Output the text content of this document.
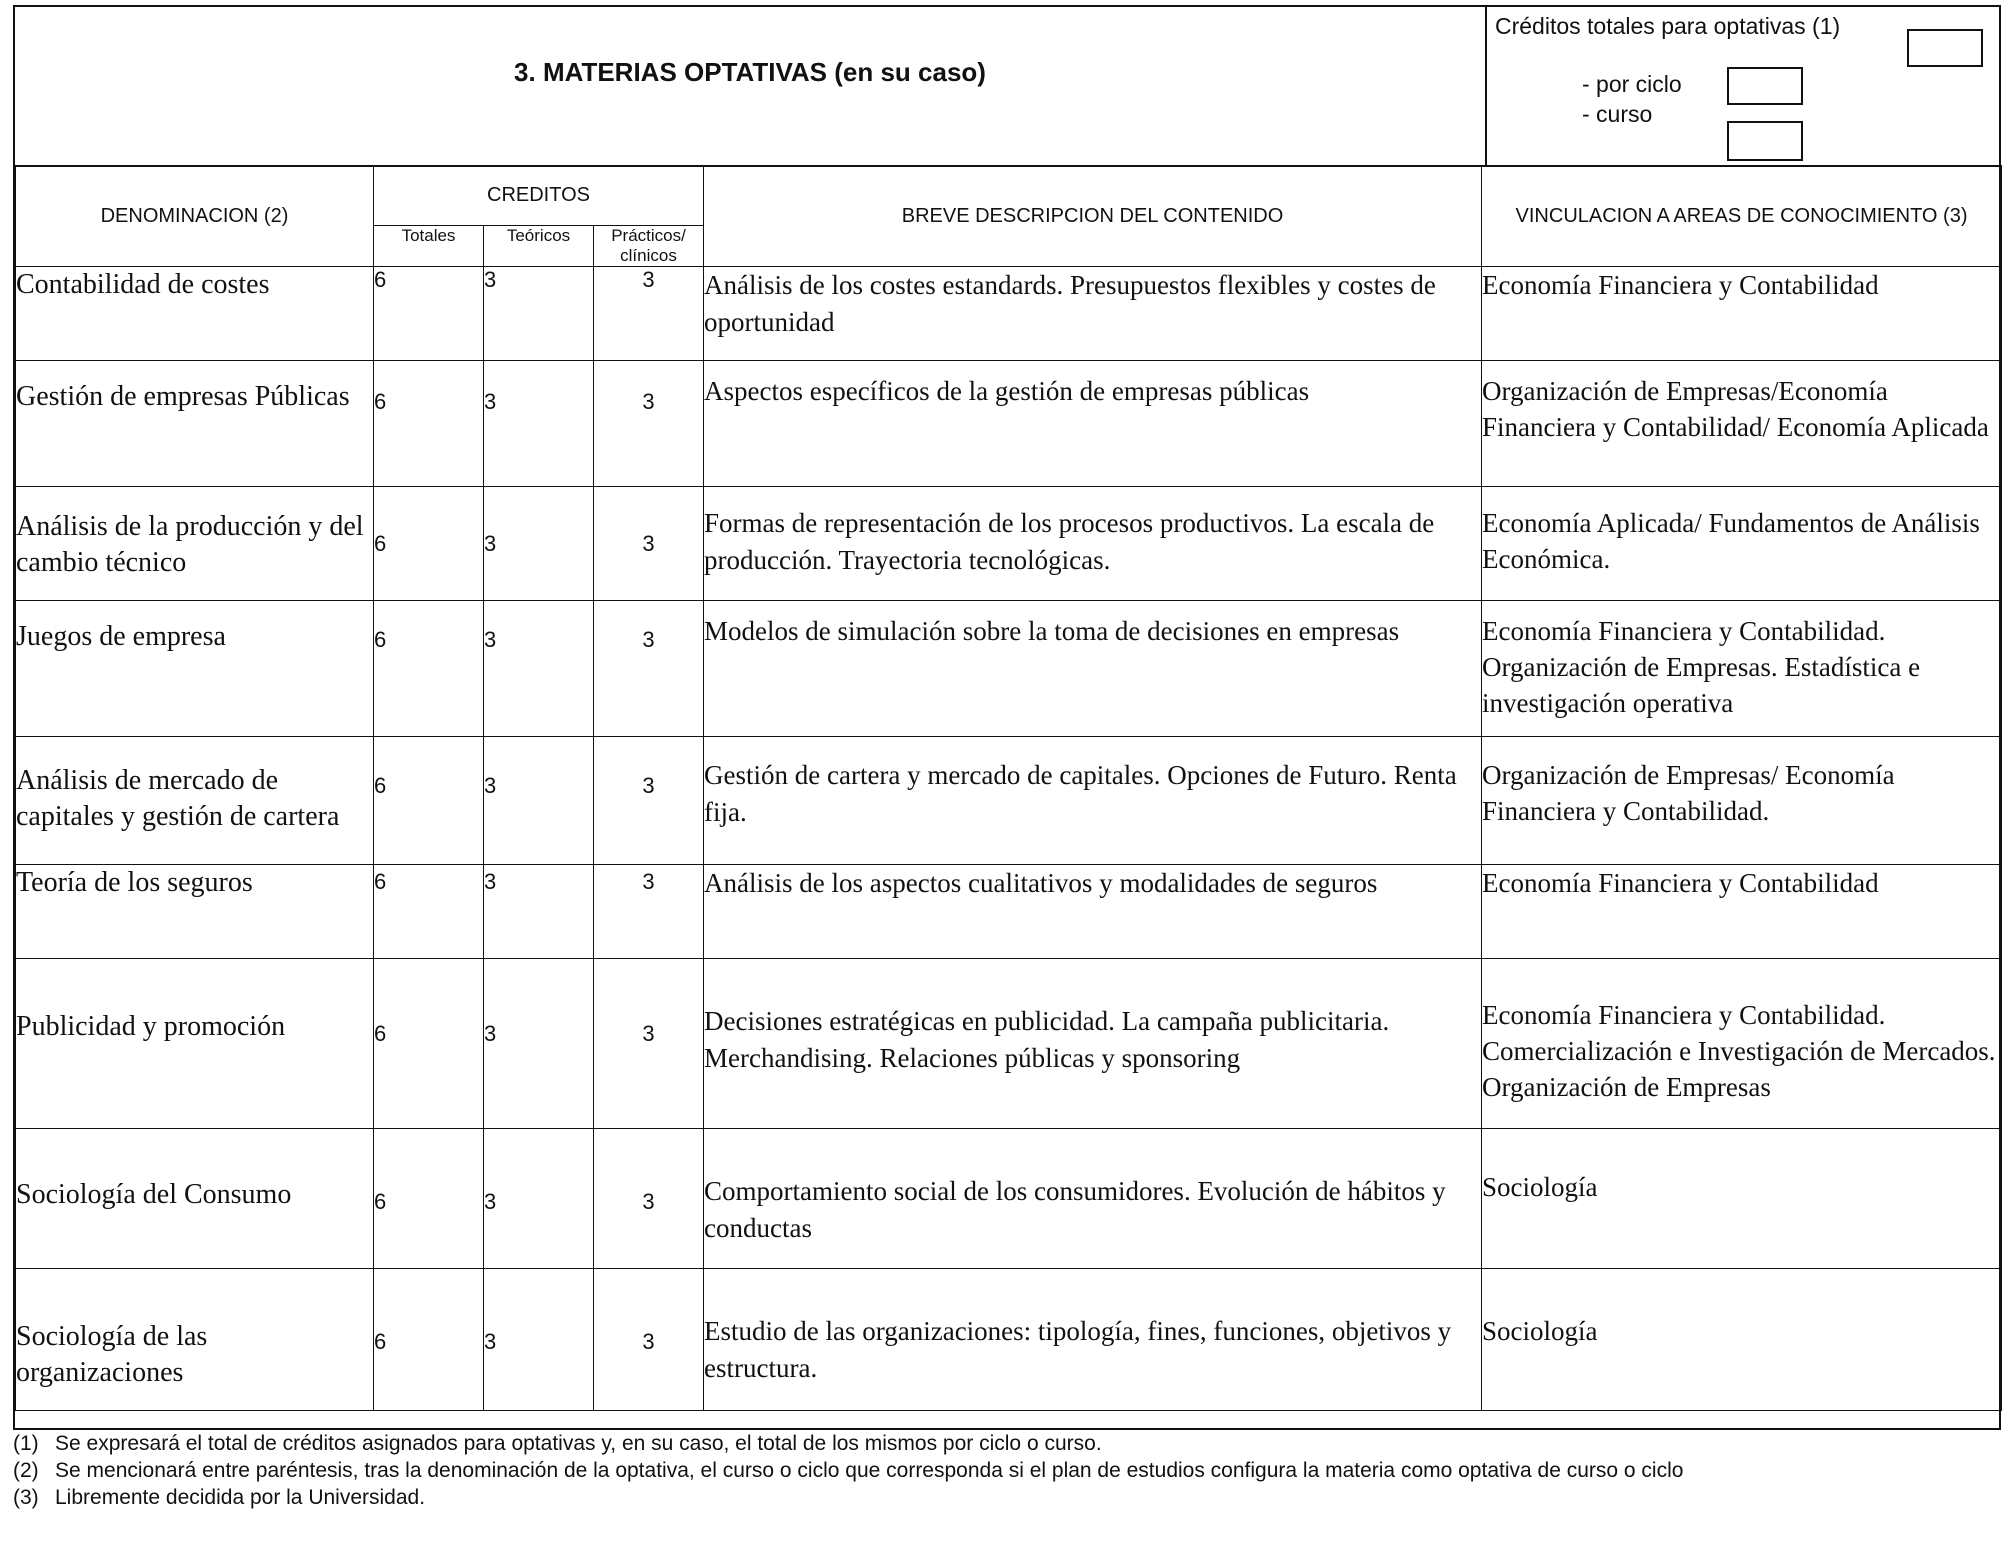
3. MATERIAS OPTATIVAS (en su caso)
Créditos totales para optativas (1)
- por ciclo
- curso
DENOMINACION (2)	CREDITOS			BREVE DESCRIPCION DEL CONTENIDO	VINCULACION A AREAS DE CONOCIMIENTO (3)
	Totales	Teóricos	Prácticos/ clínicos		
Contabilidad de costes	6	3	3	Análisis de los costes estandards. Presupuestos flexibles y costes de oportunidad	Economía Financiera y Contabilidad
Gestión de empresas Públicas	6	3	3	Aspectos específicos de la gestión de empresas públicas	Organización de Empresas/Economía Financiera y Contabilidad/ Economía Aplicada
Análisis de la producción y del cambio técnico	6	3	3	Formas de representación de los procesos productivos. La escala de producción. Trayectoria tecnológicas.	Economía Aplicada/ Fundamentos de Análisis Económica.
Juegos de empresa	6	3	3	Modelos de simulación sobre la toma de decisiones en empresas	Economía Financiera y Contabilidad. Organización de Empresas. Estadística e investigación operativa
Análisis de mercado de capitales y gestión de cartera	6	3	3	Gestión de cartera y mercado de capitales. Opciones de Futuro. Renta fija.	Organización de Empresas/ Economía Financiera y Contabilidad.
Teoría de los seguros	6	3	3	Análisis de los aspectos cualitativos y modalidades de seguros	Economía Financiera y Contabilidad
Publicidad y promoción	6	3	3	Decisiones estratégicas en publicidad. La campaña publicitaria. Merchandising. Relaciones públicas y sponsoring	Economía Financiera y Contabilidad. Comercialización e Investigación de Mercados. Organización de Empresas
Sociología del Consumo	6	3	3	Comportamiento social de los consumidores. Evolución de hábitos y conductas	Sociología
Sociología de las organizaciones	6	3	3	Estudio de las organizaciones: tipología, fines, funciones, objetivos y estructura.	Sociología
(1) Se expresará el total de créditos asignados para optativas y, en su caso, el total de los mismos por ciclo o curso.
(2) Se mencionará entre paréntesis, tras la denominación de la optativa, el curso o ciclo que corresponda si el plan de estudios configura la materia como optativa de curso o ciclo
(3) Libremente decidida por la Universidad.
